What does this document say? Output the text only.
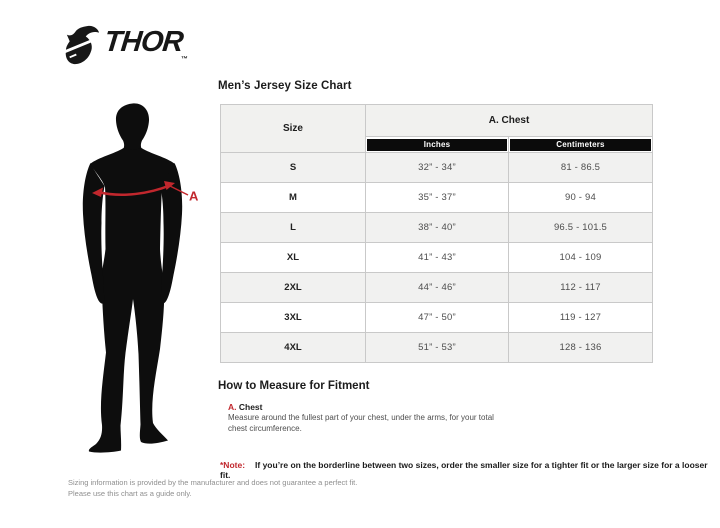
$THOR_™$
A
Men’s Jersey Size Chart
Size	A. Chest	

	Inches	Centimeters

S	32” - 34”	81 - 86.5
M	35” - 37”	90 - 94
L	38” - 40”	96.5 - 101.5
XL	41” - 43”	104 - 109
2XL	44” - 46”	112 - 117
3XL	47” - 50”	119 - 127
4XL	51” - 53”	128 - 136
How to Measure for Fitment
A. Chest
Measure around the fullest part of your chest, under the arms, for your total chest circumference.
*Note: If you’re on the borderline between two sizes, order the smaller size for a tighter fit or the larger size for a looser fit.
Sizing information is provided by the manufacturer and does not guarantee a perfect fit.
Please use this chart as a guide only.
